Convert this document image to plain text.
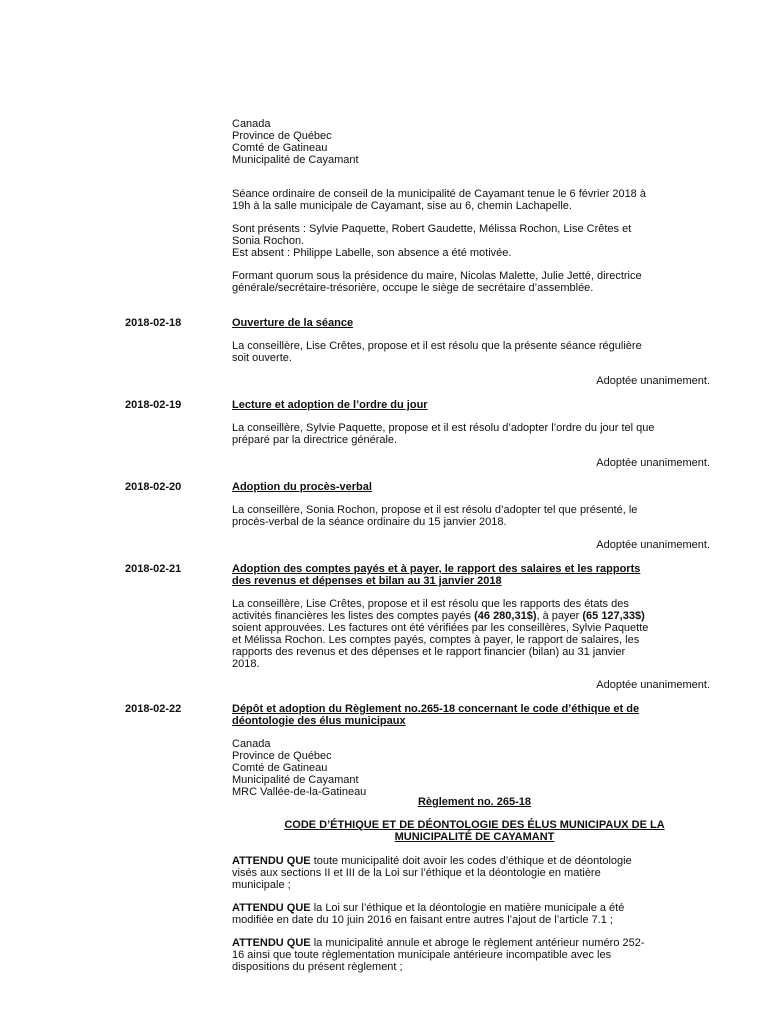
Canada
Province de Québec
Comté de Gatineau
Municipalité de Cayamant
Séance ordinaire de conseil de la municipalité de Cayamant tenue le 6 février 2018 à
19h à la salle municipale de Cayamant, sise au 6, chemin Lachapelle.
Sont présents : Sylvie Paquette, Robert Gaudette, Mélissa Rochon, Lise Crêtes et
Sonia Rochon.
Est absent : Philippe Labelle, son absence a été motivée.
Formant quorum sous la présidence du maire, Nicolas Malette, Julie Jetté, directrice
générale/secrétaire-trésorière, occupe le siège de secrétaire d’assemblée.
2018-02-18	Ouverture de la séance
La conseillère, Lise Crêtes, propose et il est résolu que la présente séance régulière
soit ouverte.
Adoptée unanimement.
2018-02-19	Lecture et adoption de l’ordre du jour
La conseillère, Sylvie Paquette, propose et il est résolu d’adopter l’ordre du jour tel que
préparé par la directrice générale.
Adoptée unanimement.
2018-02-20	Adoption du procès-verbal
La conseillère, Sonia Rochon, propose et il est résolu d’adopter tel que présenté, le
procès-verbal de la séance ordinaire du 15 janvier 2018.
Adoptée unanimement.
2018-02-21	Adoption des comptes payés et à payer, le rapport des salaires et les rapports
des revenus et dépenses et bilan au 31 janvier 2018
La conseillère, Lise Crêtes, propose et il est résolu que les rapports des états des
activités financières les listes des comptes payés (46 280,31$), à payer (65 127,33$)
soient approuvées. Les factures ont été vérifiées par les conseillères, Sylvie Paquette
et Mélissa Rochon. Les comptes payés, comptes à payer, le rapport de salaires, les
rapports des revenus et des dépenses et le rapport financier (bilan) au 31 janvier
2018.
Adoptée unanimement.
2018-02-22	Dépôt et adoption du Règlement no.265-18 concernant le code d’éthique et de
déontologie des élus municipaux
Canada
Province de Québec
Comté de Gatineau
Municipalité de Cayamant
MRC Vallée-de-la-Gatineau
Règlement no. 265-18
CODE D’ÉTHIQUE ET DE DÉONTOLOGIE DES ÉLUS MUNICIPAUX DE LA
MUNICIPALITÉ DE CAYAMANT
ATTENDU QUE toute municipalité doit avoir les codes d’éthique et de déontologie
visés aux sections II et III de la Loi sur l’éthique et la déontologie en matière
municipale ;
ATTENDU QUE la Loi sur l’éthique et la déontologie en matière municipale a été
modifiée en date du 10 juin 2016 en faisant entre autres l’ajout de l’article 7.1 ;
ATTENDU QUE la municipalité annule et abroge le règlement antérieur numéro 252-
16 ainsi que toute règlementation municipale antérieure incompatible avec les
dispositions du présent règlement ;
